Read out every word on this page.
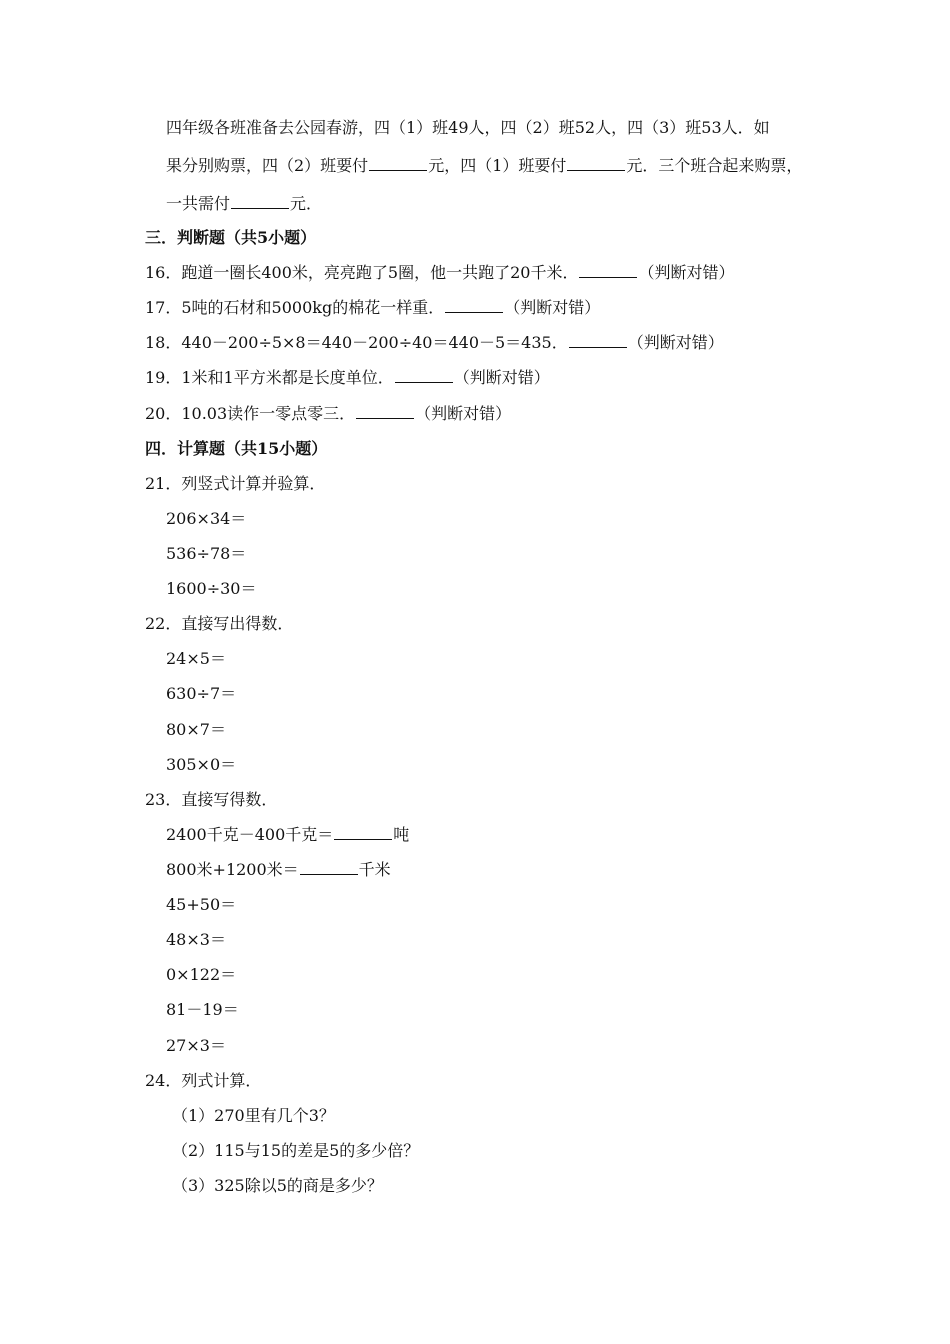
四年级各班准备去公园春游，四（1）班49人，四（2）班52人，四（3）班53人．如
果分别购票，四（2）班要付	元，四（1）班要付	元．三个班合起来购票，
一共需付	元．
三．判断题（共5小题）
16．跑道一圈长400米，亮亮跑了5圈，他一共跑了20千米．	（判断对错）
17．5吨的石材和5000kg的棉花一样重．	（判断对错）
18．440－200÷5×8＝440－200÷40＝440－5＝435．	（判断对错）
19．1米和1平方米都是长度单位．	（判断对错）
20．10.03读作一零点零三．	（判断对错）
四．计算题（共15小题）
21．列竖式计算并验算．
206×34＝
536÷78＝
1600÷30＝
22．直接写出得数．
24×5＝
630÷7＝
80×7＝
305×0＝
23．直接写得数．
2400千克－400千克＝	吨
800米+1200米＝	千米
45+50＝
48×3＝
0×122＝
81－19＝
27×3＝
24．列式计算．
（1）270里有几个3？
（2）115与15的差是5的多少倍？
（3）325除以5的商是多少？
